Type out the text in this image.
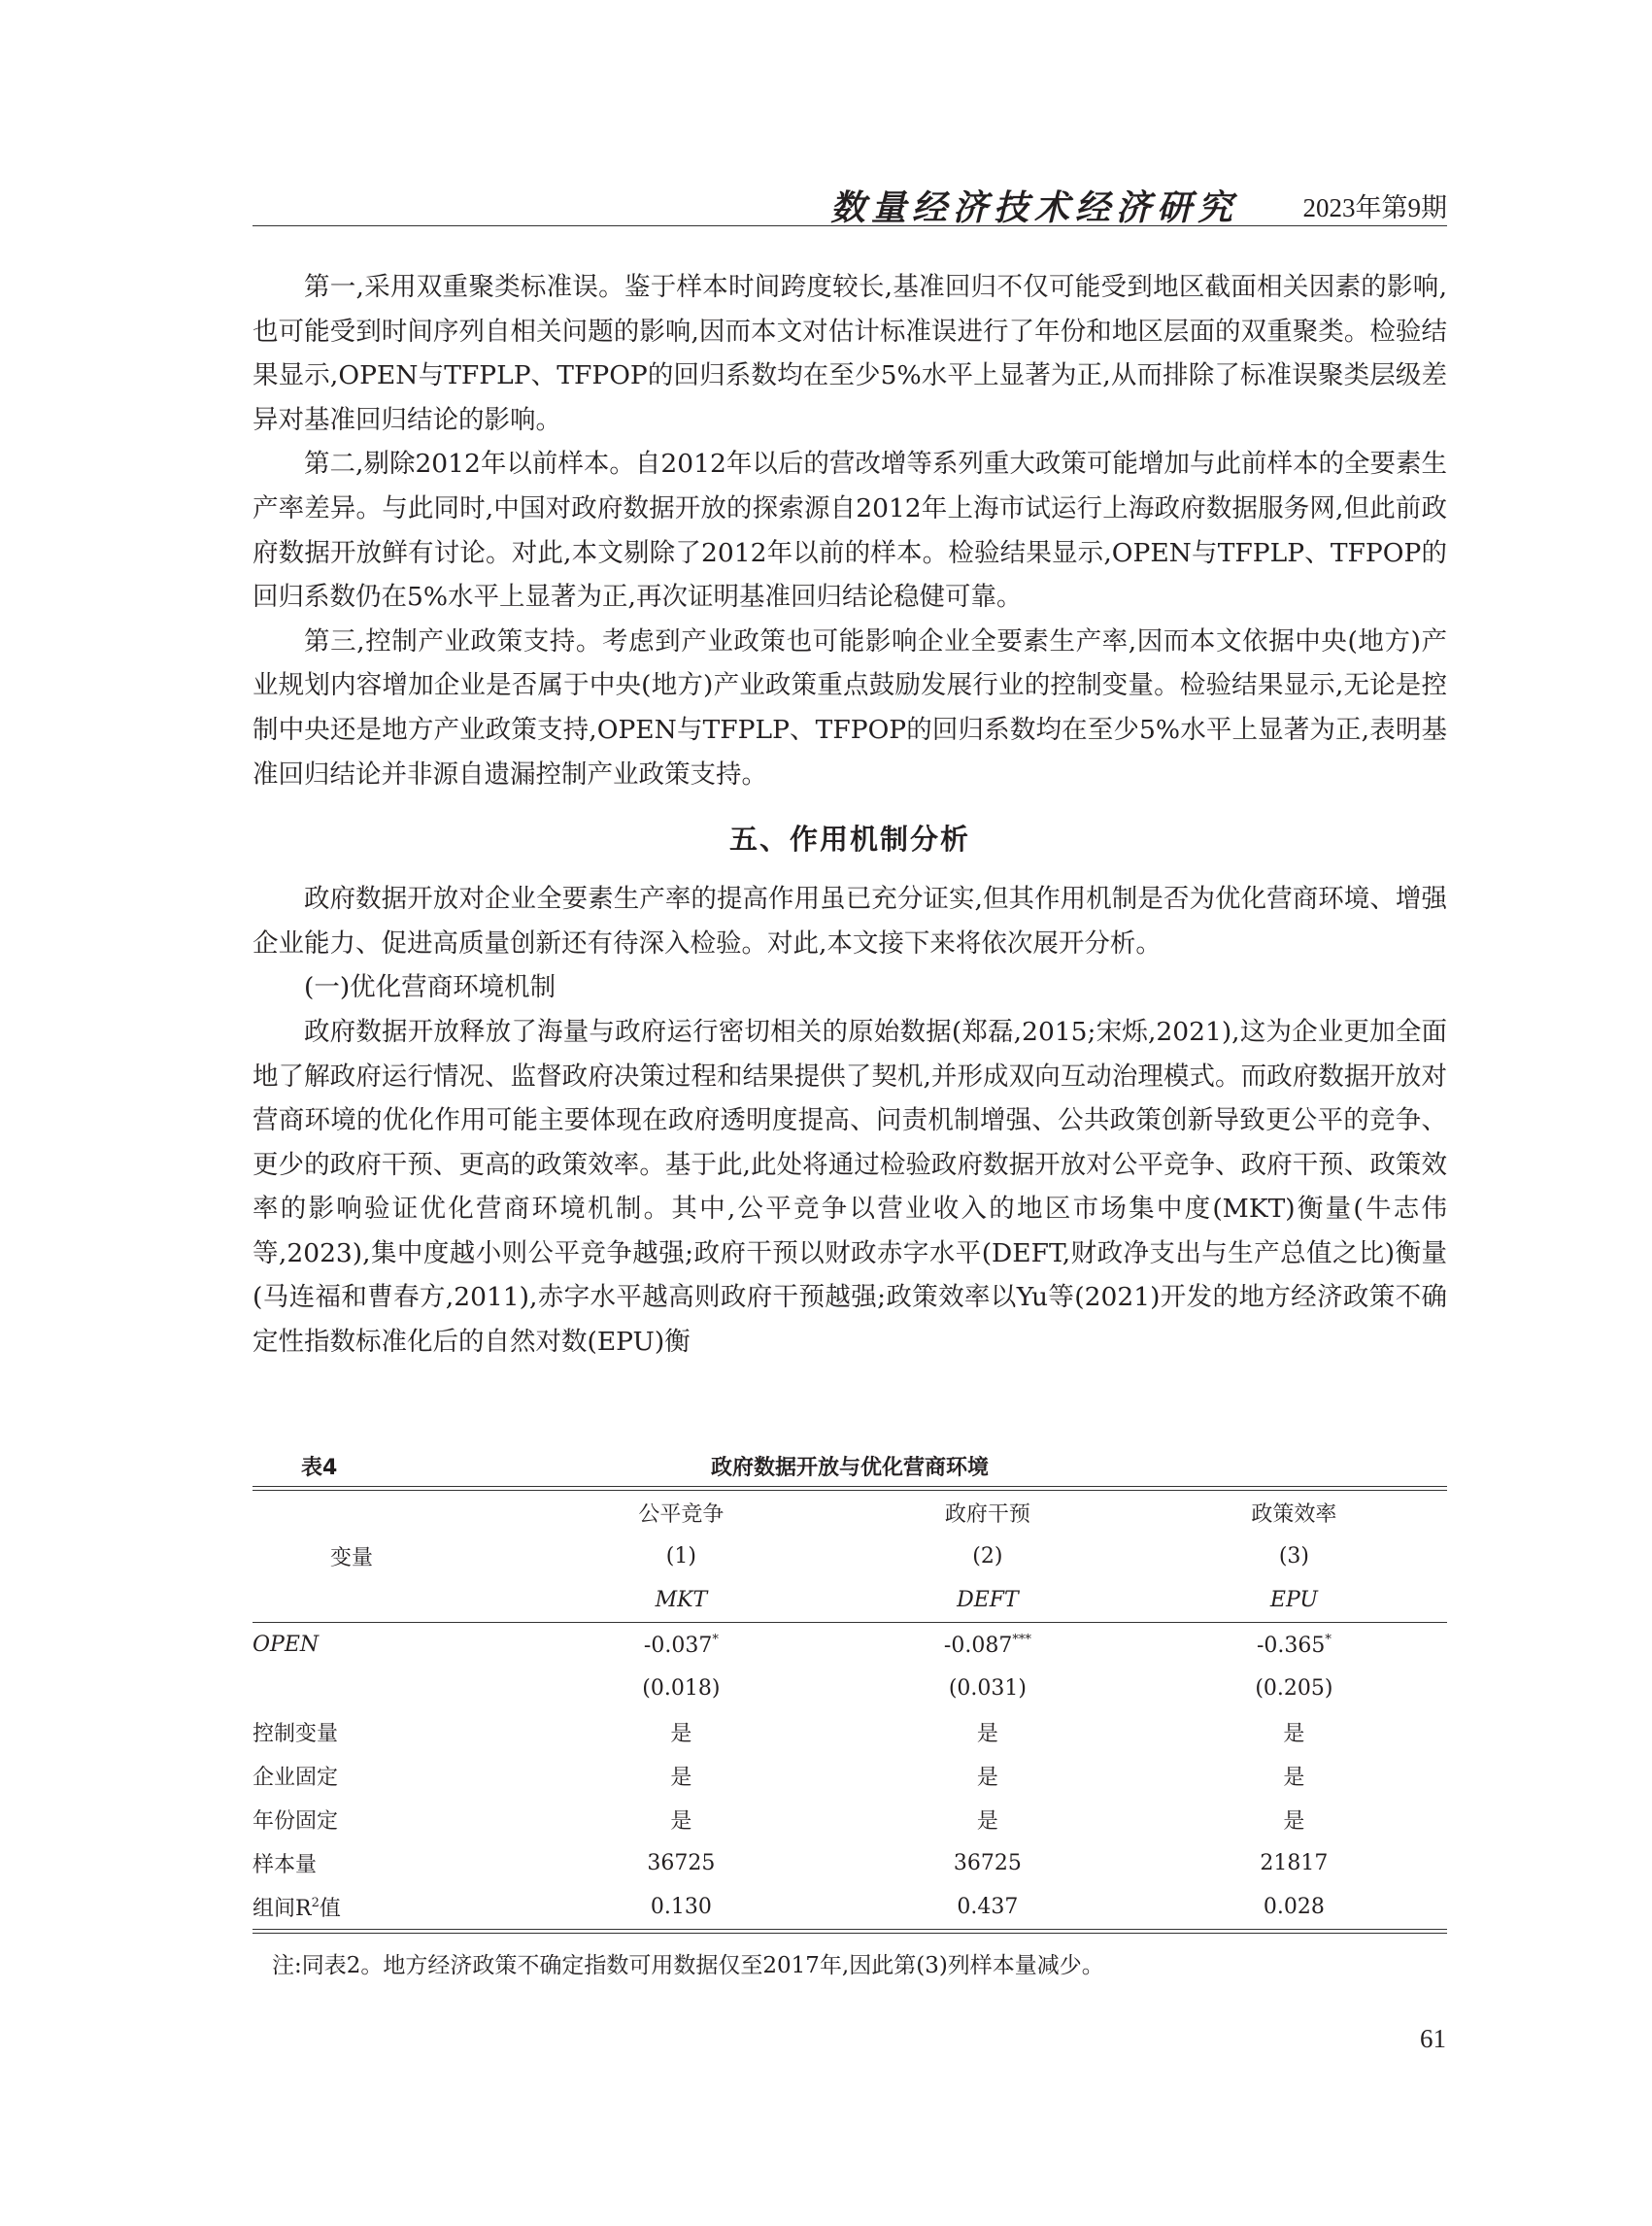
数量经济技术经济研究 2023年第9期

第一,采用双重聚类标准误。鉴于样本时间跨度较长,基准回归不仅可能受到地区截面相关因素的影响,也可能受到时间序列自相关问题的影响,因而本文对估计标准误进行了年份和地区层面的双重聚类。检验结果显示,OPEN与TFPLP、TFPOP的回归系数均在至少5%水平上显著为正,从而排除了标准误聚类层级差异对基准回归结论的影响。

第二,剔除2012年以前样本。自2012年以后的营改增等系列重大政策可能增加与此前样本的全要素生产率差异。与此同时,中国对政府数据开放的探索源自2012年上海市试运行上海政府数据服务网,但此前政府数据开放鲜有讨论。对此,本文剔除了2012年以前的样本。检验结果显示,OPEN与TFPLP、TFPOP的回归系数仍在5%水平上显著为正,再次证明基准回归结论稳健可靠。

第三,控制产业政策支持。考虑到产业政策也可能影响企业全要素生产率,因而本文依据中央(地方)产业规划内容增加企业是否属于中央(地方)产业政策重点鼓励发展行业的控制变量。检验结果显示,无论是控制中央还是地方产业政策支持,OPEN与TFPLP、TFPOP的回归系数均在至少5%水平上显著为正,表明基准回归结论并非源自遗漏控制产业政策支持。

五、作用机制分析

政府数据开放对企业全要素生产率的提高作用虽已充分证实,但其作用机制是否为优化营商环境、增强企业能力、促进高质量创新还有待深入检验。对此,本文接下来将依次展开分析。

(一)优化营商环境机制

政府数据开放释放了海量与政府运行密切相关的原始数据(郑磊,2015;宋烁,2021),这为企业更加全面地了解政府运行情况、监督政府决策过程和结果提供了契机,并形成双向互动治理模式。而政府数据开放对营商环境的优化作用可能主要体现在政府透明度提高、问责机制增强、公共政策创新导致更公平的竞争、更少的政府干预、更高的政策效率。基于此,此处将通过检验政府数据开放对公平竞争、政府干预、政策效率的影响验证优化营商环境机制。其中,公平竞争以营业收入的地区市场集中度(MKT)衡量(牛志伟等,2023),集中度越小则公平竞争越强;政府干预以财政赤字水平(DEFT,财政净支出与生产总值之比)衡量(马连福和曹春方,2011),赤字水平越高则政府干预越强;政策效率以Yu等(2021)开发的地方经济政策不确定性指数标准化后的自然对数(EPU)衡

表4	政府数据开放与优化营商环境
变量	公平竞争	政府干预	政策效率
	(1)	(2)	(3)
	MKT	DEFT	EPU

OPEN	-0.037*	-0.087***	-0.365*
	(0.018)	(0.031)	(0.205)
控制变量	是	是	是
企业固定	是	是	是
年份固定	是	是	是
样本量	36725	36725	21817
组间$R^2$值	0.130	0.437	0.028
注:同表2。地方经济政策不确定指数可用数据仅至2017年,因此第(3)列样本量减少。
61
